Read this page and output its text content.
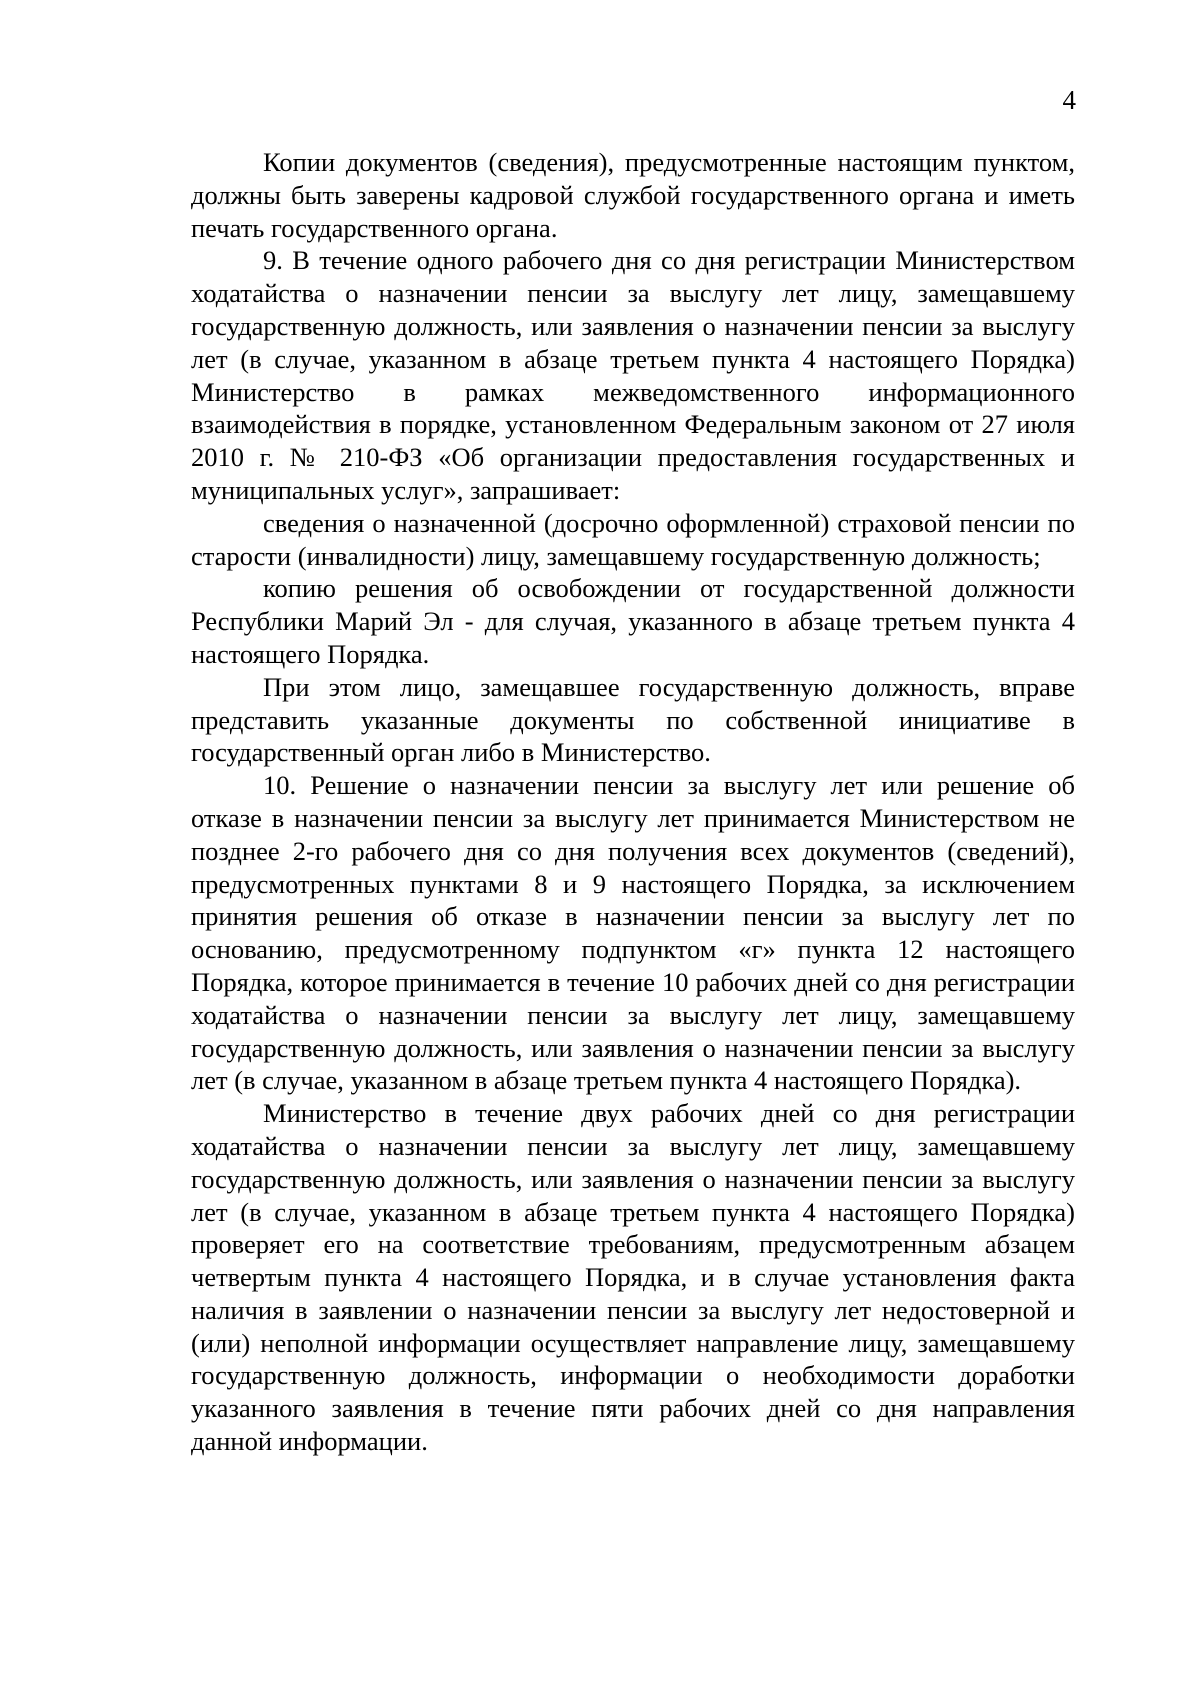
4

Копии документов (сведения), предусмотренные настоящим пунктом, должны быть заверены кадровой службой государственного органа и иметь печать государственного органа.

9. В течение одного рабочего дня со дня регистрации Министерством ходатайства о назначении пенсии за выслугу лет лицу, замещавшему государственную должность, или заявления о назначении пенсии за выслугу лет (в случае, указанном в абзаце третьем пункта 4 настоящего Порядка) Министерство в рамках межведомственного информационного взаимодействия в порядке, установленном Федеральным законом от 27 июля 2010 г. № 210-ФЗ «Об организации предоставления государственных и муниципальных услуг», запрашивает:

сведения о назначенной (досрочно оформленной) страховой пенсии по старости (инвалидности) лицу, замещавшему государственную должность;

копию решения об освобождении от государственной должности Республики Марий Эл - для случая, указанного в абзаце третьем пункта 4 настоящего Порядка.

При этом лицо, замещавшее государственную должность, вправе представить указанные документы по собственной инициативе в государственный орган либо в Министерство.

10. Решение о назначении пенсии за выслугу лет или решение об отказе в назначении пенсии за выслугу лет принимается Министерством не позднее 2-го рабочего дня со дня получения всех документов (сведений), предусмотренных пунктами 8 и 9 настоящего Порядка, за исключением принятия решения об отказе в назначении пенсии за выслугу лет по основанию, предусмотренному подпунктом «г» пункта 12 настоящего Порядка, которое принимается в течение 10 рабочих дней со дня регистрации ходатайства о назначении пенсии за выслугу лет лицу, замещавшему государственную должность, или заявления о назначении пенсии за выслугу лет (в случае, указанном в абзаце третьем пункта 4 настоящего Порядка).

Министерство в течение двух рабочих дней со дня регистрации ходатайства о назначении пенсии за выслугу лет лицу, замещавшему государственную должность, или заявления о назначении пенсии за выслугу лет (в случае, указанном в абзаце третьем пункта 4 настоящего Порядка) проверяет его на соответствие требованиям, предусмотренным абзацем четвертым пункта 4 настоящего Порядка, и в случае установления факта наличия в заявлении о назначении пенсии за выслугу лет недостоверной и (или) неполной информации осуществляет направление лицу, замещавшему государственную должность, информации о необходимости доработки указанного заявления в течение пяти рабочих дней со дня направления данной информации.
